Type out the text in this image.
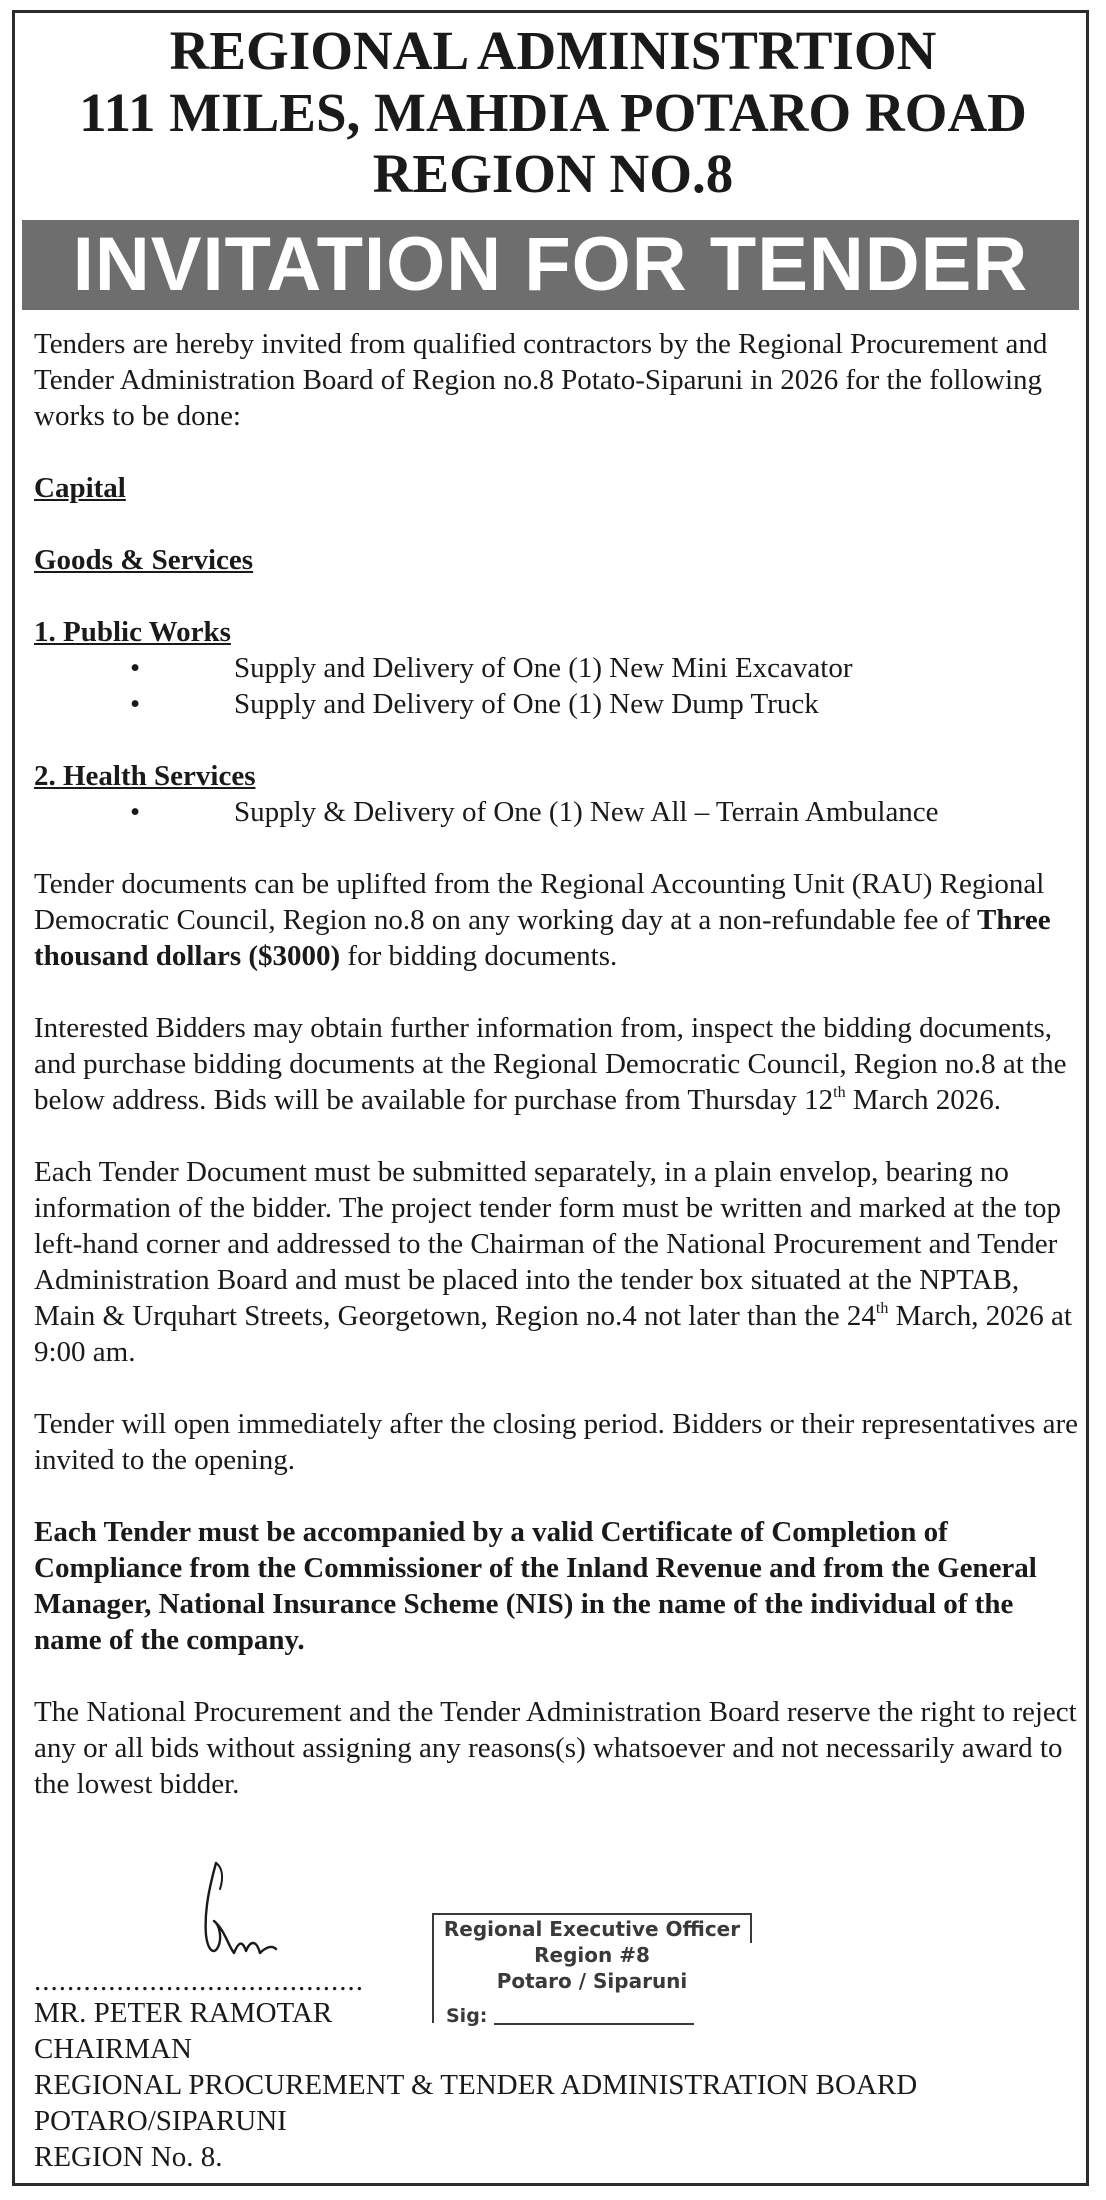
REGIONAL ADMINISTRTION
111 MILES, MAHDIA POTARO ROAD
REGION NO.8
INVITATION FOR TENDER

Tenders are hereby invited from qualified contractors by the Regional Procurement and Tender Administration Board of Region no.8 Potato-Siparuni in 2026 for the following works to be done:

Capital

Goods & Services

1. Public Works

•	Supply and Delivery of One (1) New Mini Excavator
•	Supply and Delivery of One (1) New Dump Truck

2. Health Services

•	Supply & Delivery of One (1) New All – Terrain Ambulance

Tender documents can be uplifted from the Regional Accounting Unit (RAU) Regional Democratic Council, Region no.8 on any working day at a non-refundable fee of Three thousand dollars ($3000) for bidding documents.

Interested Bidders may obtain further information from, inspect the bidding documents, and purchase bidding documents at the Regional Democratic Council, Region no.8 at the below address. Bids will be available for purchase from Thursday 12th March 2026.

Each Tender Document must be submitted separately, in a plain envelop, bearing no information of the bidder. The project tender form must be written and marked at the top left-hand corner and addressed to the Chairman of the National Procurement and Tender Administration Board and must be placed into the tender box situated at the NPTAB, Main & Urquhart Streets, Georgetown, Region no.4 not later than the 24th March, 2026 at 9:00 am.

Tender will open immediately after the closing period. Bidders or their representatives are invited to the opening.

Each Tender must be accompanied by a valid Certificate of Completion of Compliance from the Commissioner of the Inland Revenue and from the General Manager, National Insurance Scheme (NIS) in the name of the individual of the name of the company.

The National Procurement and the Tender Administration Board reserve the right to reject any or all bids without assigning any reasons(s) whatsoever and not necessarily award to the lowest bidder.

........................................
MR. PETER RAMOTAR
CHAIRMAN
REGIONAL PROCUREMENT & TENDER ADMINISTRATION BOARD
POTARO/SIPARUNI
REGION No. 8.
Regional Executive Officer
Region #8
Potaro / Siparuni
Sig:
